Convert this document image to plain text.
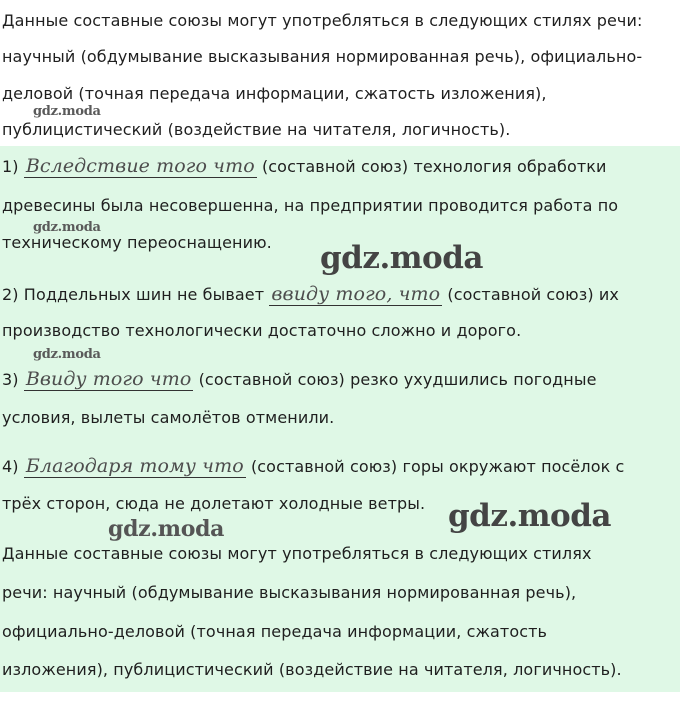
Данные составные союзы могут употребляться в следующих стилях речи:
научный (обдумывание высказывания нормированная речь), официально-
деловой (точная передача информации, сжатость изложения),
публицистический (воздействие на читателя, логичность).
1) Вследствие того что (составной союз) технология обработки
древесины была несовершенна, на предприятии проводится работа по
техническому переоснащению.
2) Поддельных шин не бывает ввиду того, что (составной союз) их
производство технологически достаточно сложно и дорого.
3) Ввиду того что (составной союз) резко ухудшились погодные
условия, вылеты самолётов отменили.
4) Благодаря тому что (составной союз) горы окружают посёлок с
трёх сторон, сюда не долетают холодные ветры.
Данные составные союзы могут употребляться в следующих стилях
речи: научный (обдумывание высказывания нормированная речь),
официально-деловой (точная передача информации, сжатость
изложения), публицистический (воздействие на читателя, логичность).
gdz.moda
gdz.moda
gdz.moda
gdz.moda
gdz.moda
gdz.moda
